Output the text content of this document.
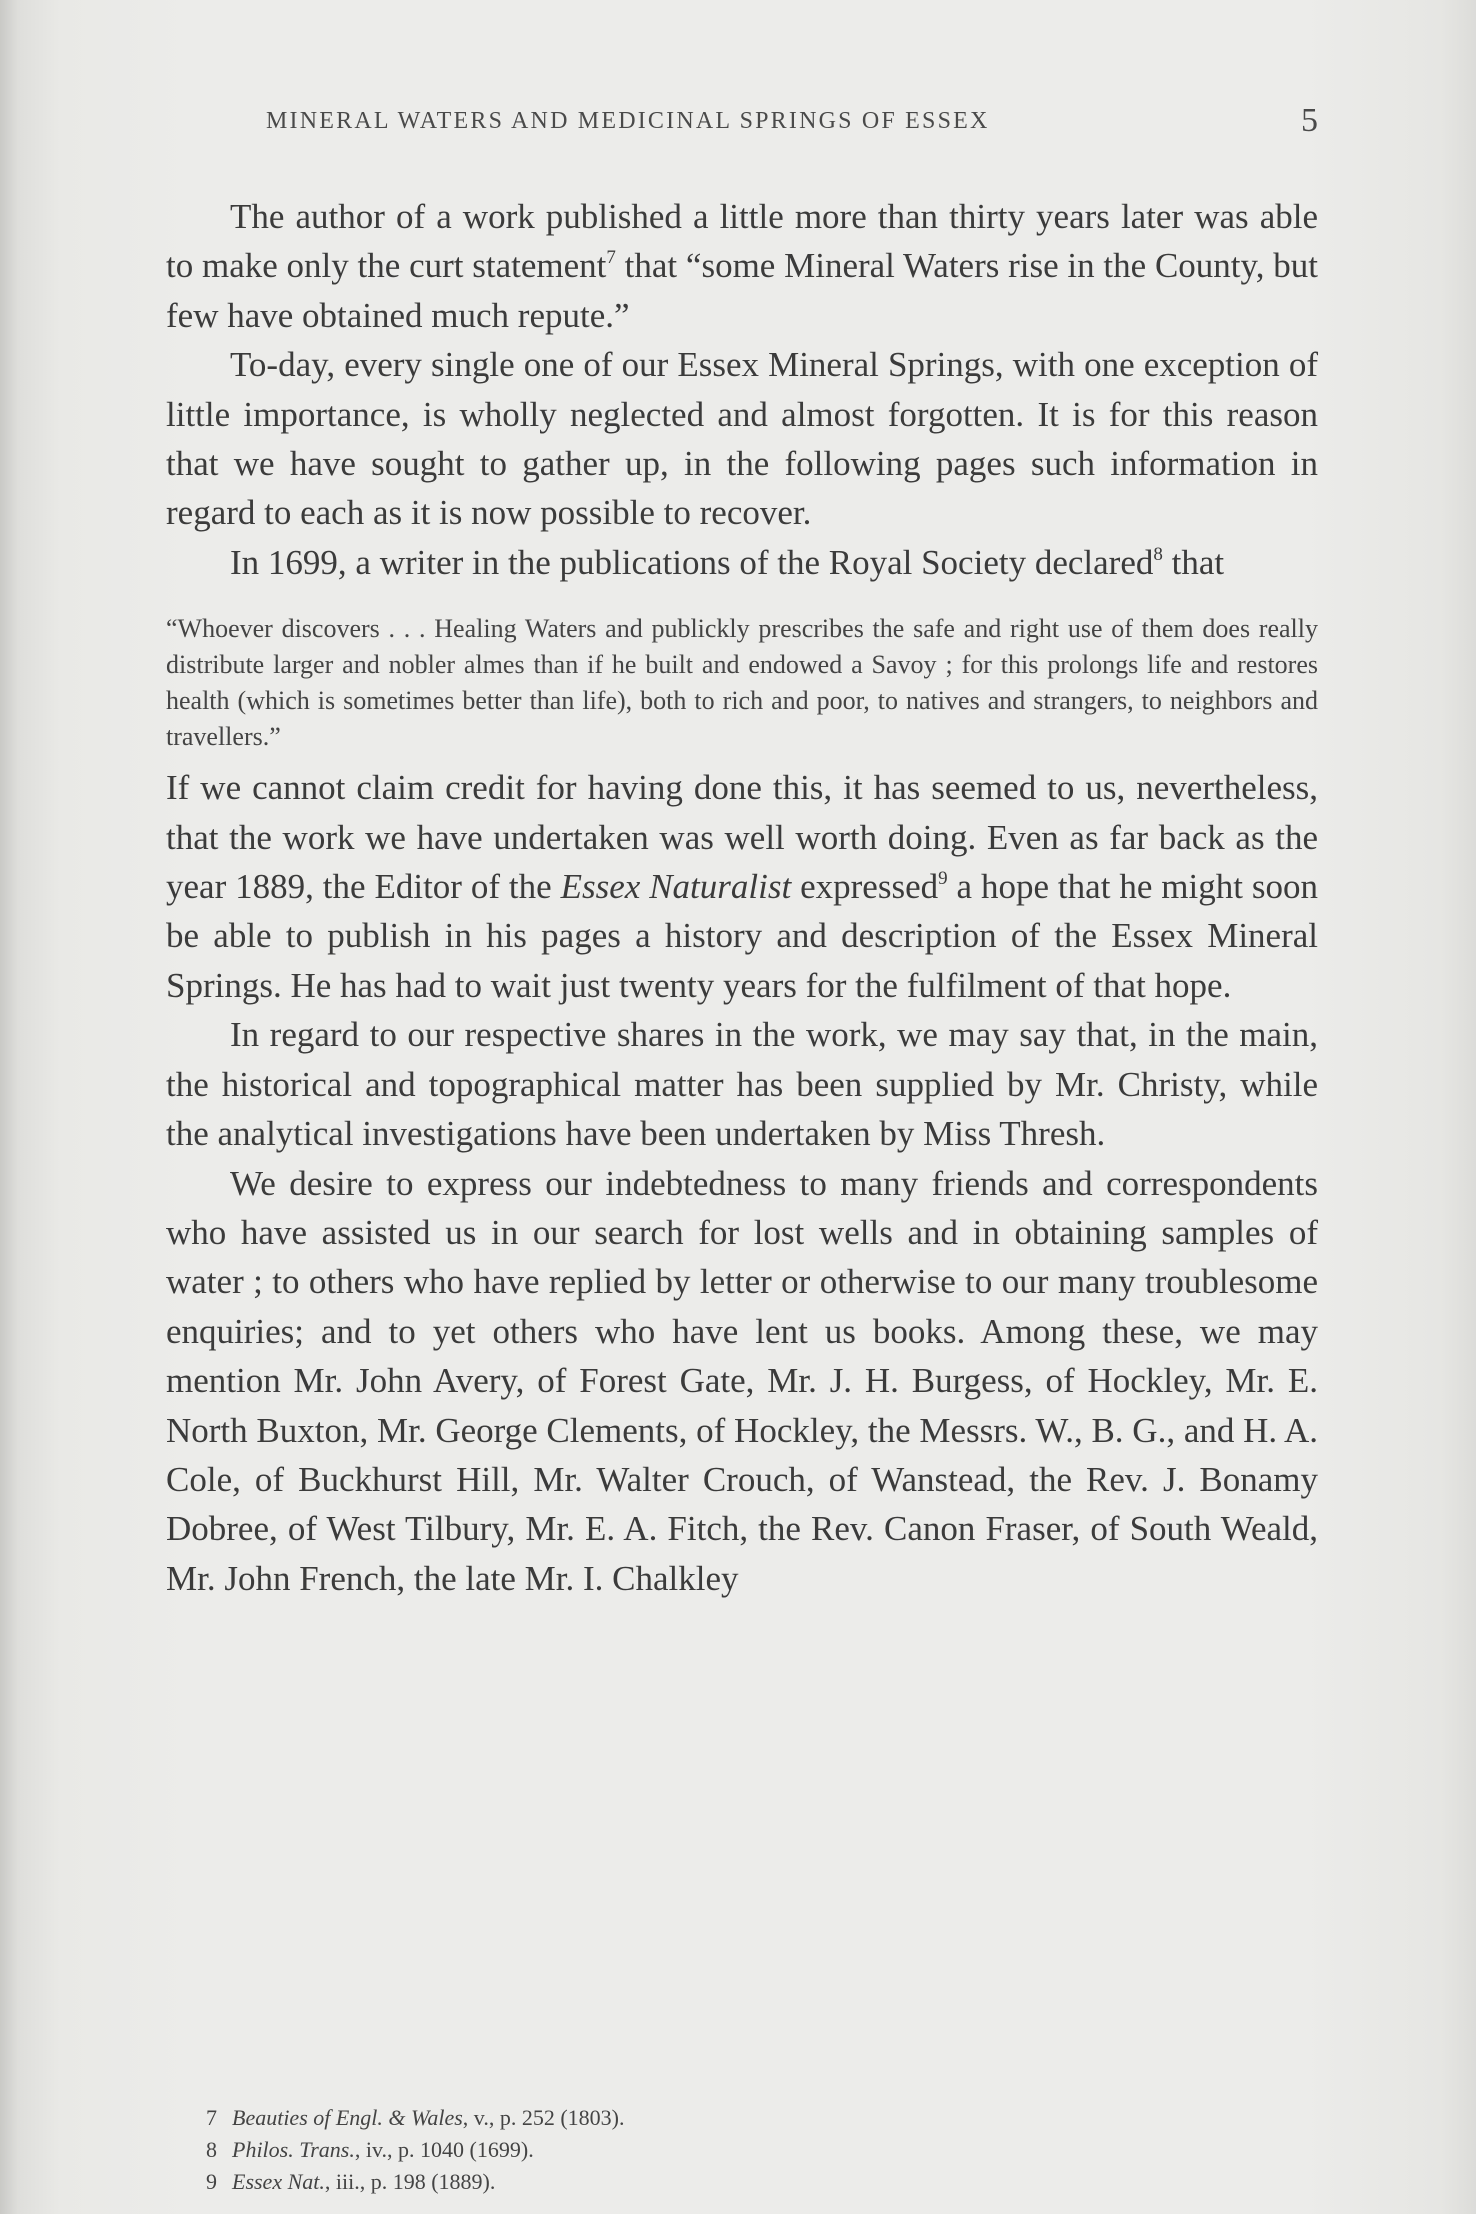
MINERAL WATERS AND MEDICINAL SPRINGS OF ESSEX	5

The author of a work published a little more than thirty years later was able to make only the curt statement$^7$ that “some Mineral Waters rise in the County, but few have obtained much repute.”

To-day, every single one of our Essex Mineral Springs, with one exception of little importance, is wholly neglected and almost forgotten. It is for this reason that we have sought to gather up, in the following pages such information in regard to each as it is now possible to recover.

In 1699, a writer in the publications of the Royal Society declared$^8$ that

“Whoever discovers . . . Healing Waters and publickly prescribes the safe and right use of them does really distribute larger and nobler almes than if he built and endowed a Savoy ; for this prolongs life and restores health (which is sometimes better than life), both to rich and poor, to natives and strangers, to neighbors and travellers.”

If we cannot claim credit for having done this, it has seemed to us, nevertheless, that the work we have undertaken was well worth doing. Even as far back as the year 1889, the Editor of the Essex Naturalist expressed$^9$ a hope that he might soon be able to publish in his pages a history and description of the Essex Mineral Springs. He has had to wait just twenty years for the fulfilment of that hope.

In regard to our respective shares in the work, we may say that, in the main, the historical and topographical matter has been supplied by Mr. Christy, while the analytical investigations have been undertaken by Miss Thresh.

We desire to express our indebtedness to many friends and correspondents who have assisted us in our search for lost wells and in obtaining samples of water ; to others who have replied by letter or otherwise to our many troublesome enquiries; and to yet others who have lent us books. Among these, we may mention Mr. John Avery, of Forest Gate, Mr. J. H. Burgess, of Hockley, Mr. E. North Buxton, Mr. George Clements, of Hockley, the Messrs. W., B. G., and H. A. Cole, of Buckhurst Hill, Mr. Walter Crouch, of Wanstead, the Rev. J. Bonamy Dobree, of West Tilbury, Mr. E. A. Fitch, the Rev. Canon Fraser, of South Weald, Mr. John French, the late Mr. I. Chalkley

7 Beauties of Engl. & Wales, v., p. 252 (1803).
8 Philos. Trans., iv., p. 1040 (1699).
9 Essex Nat., iii., p. 198 (1889).
